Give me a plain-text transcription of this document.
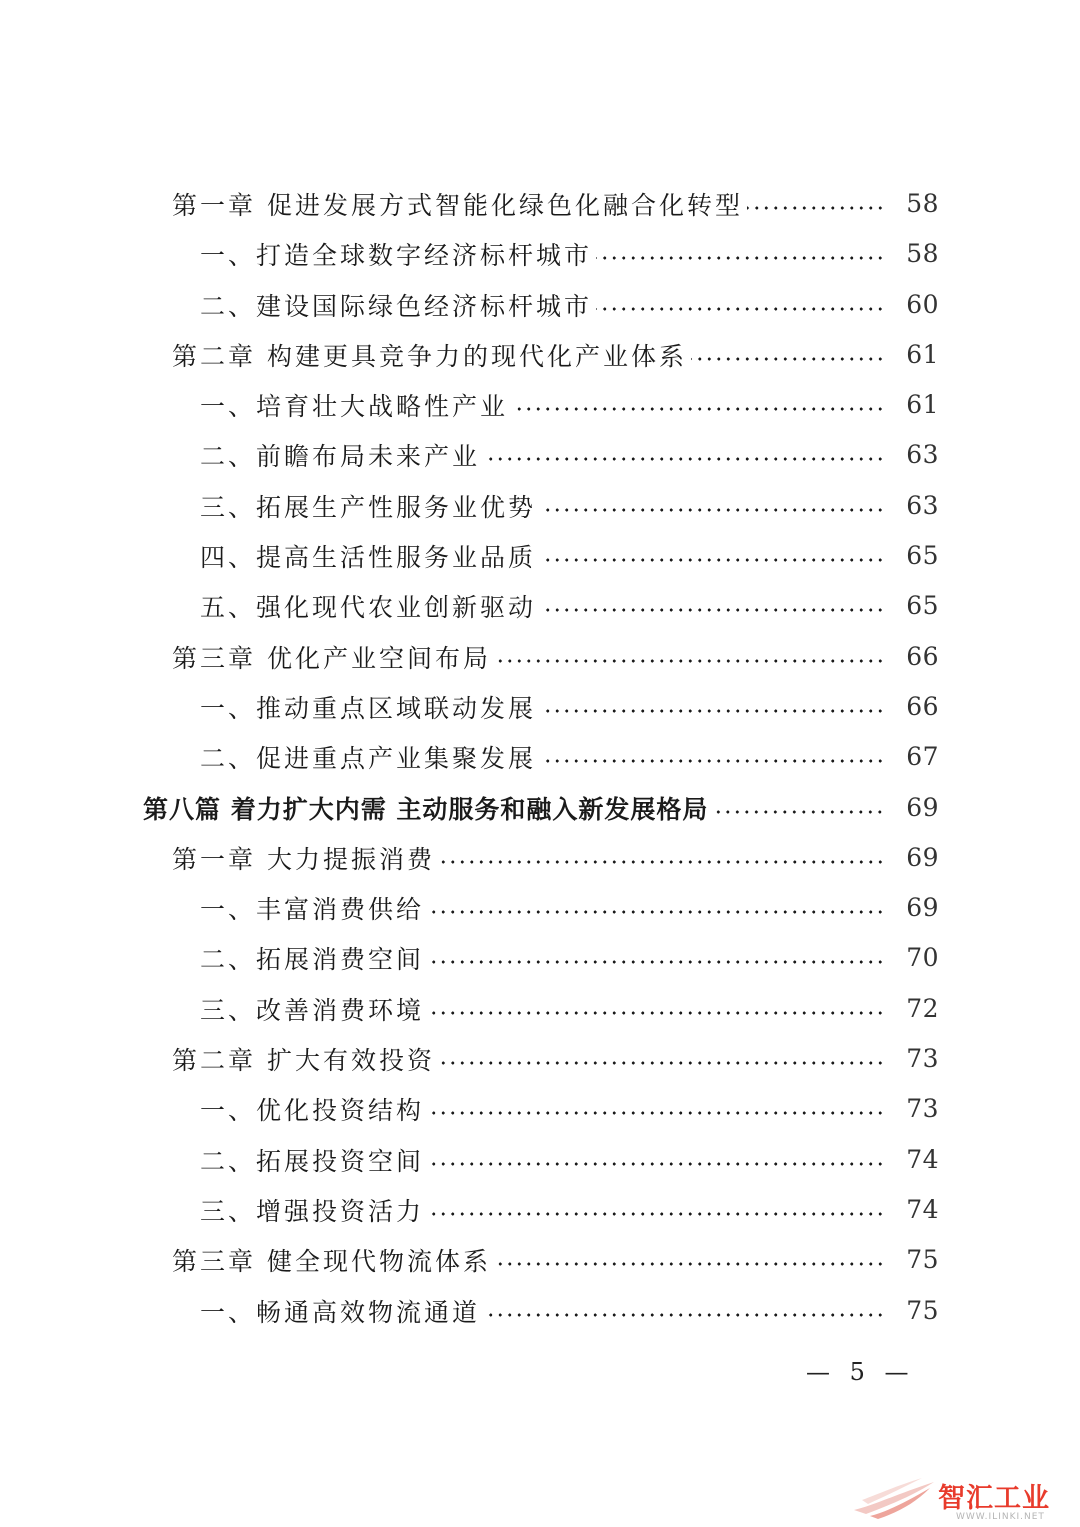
第一章 促进发展方式智能化绿色化融合化转型	58
一、打造全球数字经济标杆城市	58
二、建设国际绿色经济标杆城市	60
第二章 构建更具竞争力的现代化产业体系	61
一、培育壮大战略性产业	61
二、前瞻布局未来产业	63
三、拓展生产性服务业优势	63
四、提高生活性服务业品质	65
五、强化现代农业创新驱动	65
第三章 优化产业空间布局	66
一、推动重点区域联动发展	66
二、促进重点产业集聚发展	67
第八篇 着力扩大内需 主动服务和融入新发展格局	69
第一章 大力提振消费	69
一、丰富消费供给	69
二、拓展消费空间	70
三、改善消费环境	72
第二章 扩大有效投资	73
一、优化投资结构	73
二、拓展投资空间	74
三、增强投资活力	74
第三章 健全现代物流体系	75
一、畅通高效物流通道	75
— 5 —
智汇工业
WWW.ILINKI.NET
